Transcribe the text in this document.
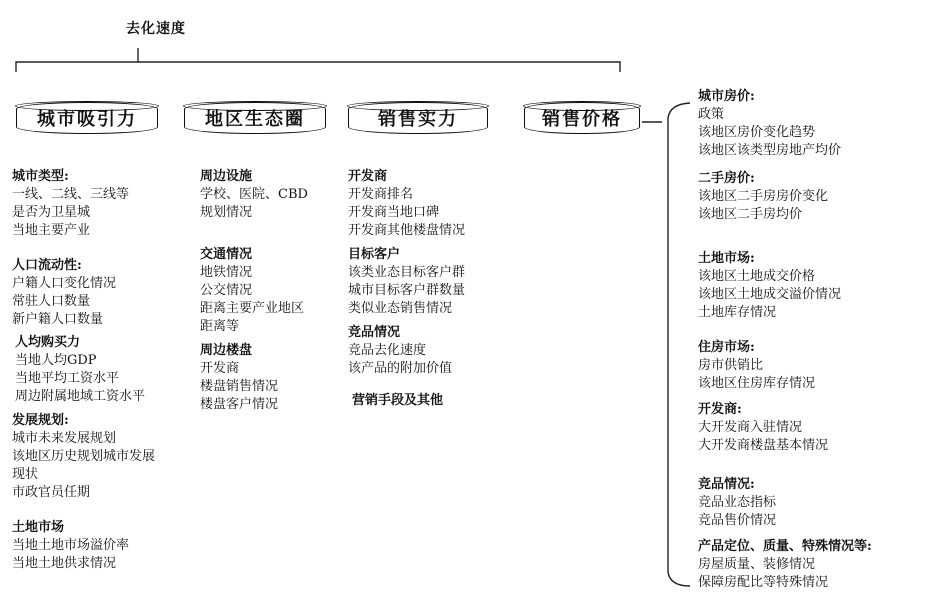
去化速度
城市吸引力	地区生态圈	销售实力	销售价格
城市类型:
一线、二线、三线等
是否为卫星城
当地主要产业
人口流动性:
户籍人口变化情况
常驻人口数量
新户籍人口数量
人均购买力
当地人均GDP
当地平均工资水平
周边附属地域工资水平
发展规划:
城市未来发展规划
该地区历史规划城市发展
现状
市政官员任期
土地市场
当地土地市场溢价率
当地土地供求情况
周边设施
学校、医院、CBD
规划情况
交通情况
地铁情况
公交情况
距离主要产业地区
距离等
周边楼盘
开发商
楼盘销售情况
楼盘客户情况
开发商
开发商排名
开发商当地口碑
开发商其他楼盘情况
目标客户
该类业态目标客户群
城市目标客户群数量
类似业态销售情况
竞品情况
竞品去化速度
该产品的附加价值
营销手段及其他
城市房价:
政策
该地区房价变化趋势
该地区该类型房地产均价
二手房价:
该地区二手房房价变化
该地区二手房均价
土地市场:
该地区土地成交价格
该地区土地成交溢价情况
土地库存情况
住房市场:
房市供销比
该地区住房库存情况
开发商:
大开发商入驻情况
大开发商楼盘基本情况
竞品情况:
竞品业态指标
竞品售价情况
产品定位、质量、特殊情况等:
房屋质量、装修情况
保障房配比等特殊情况
